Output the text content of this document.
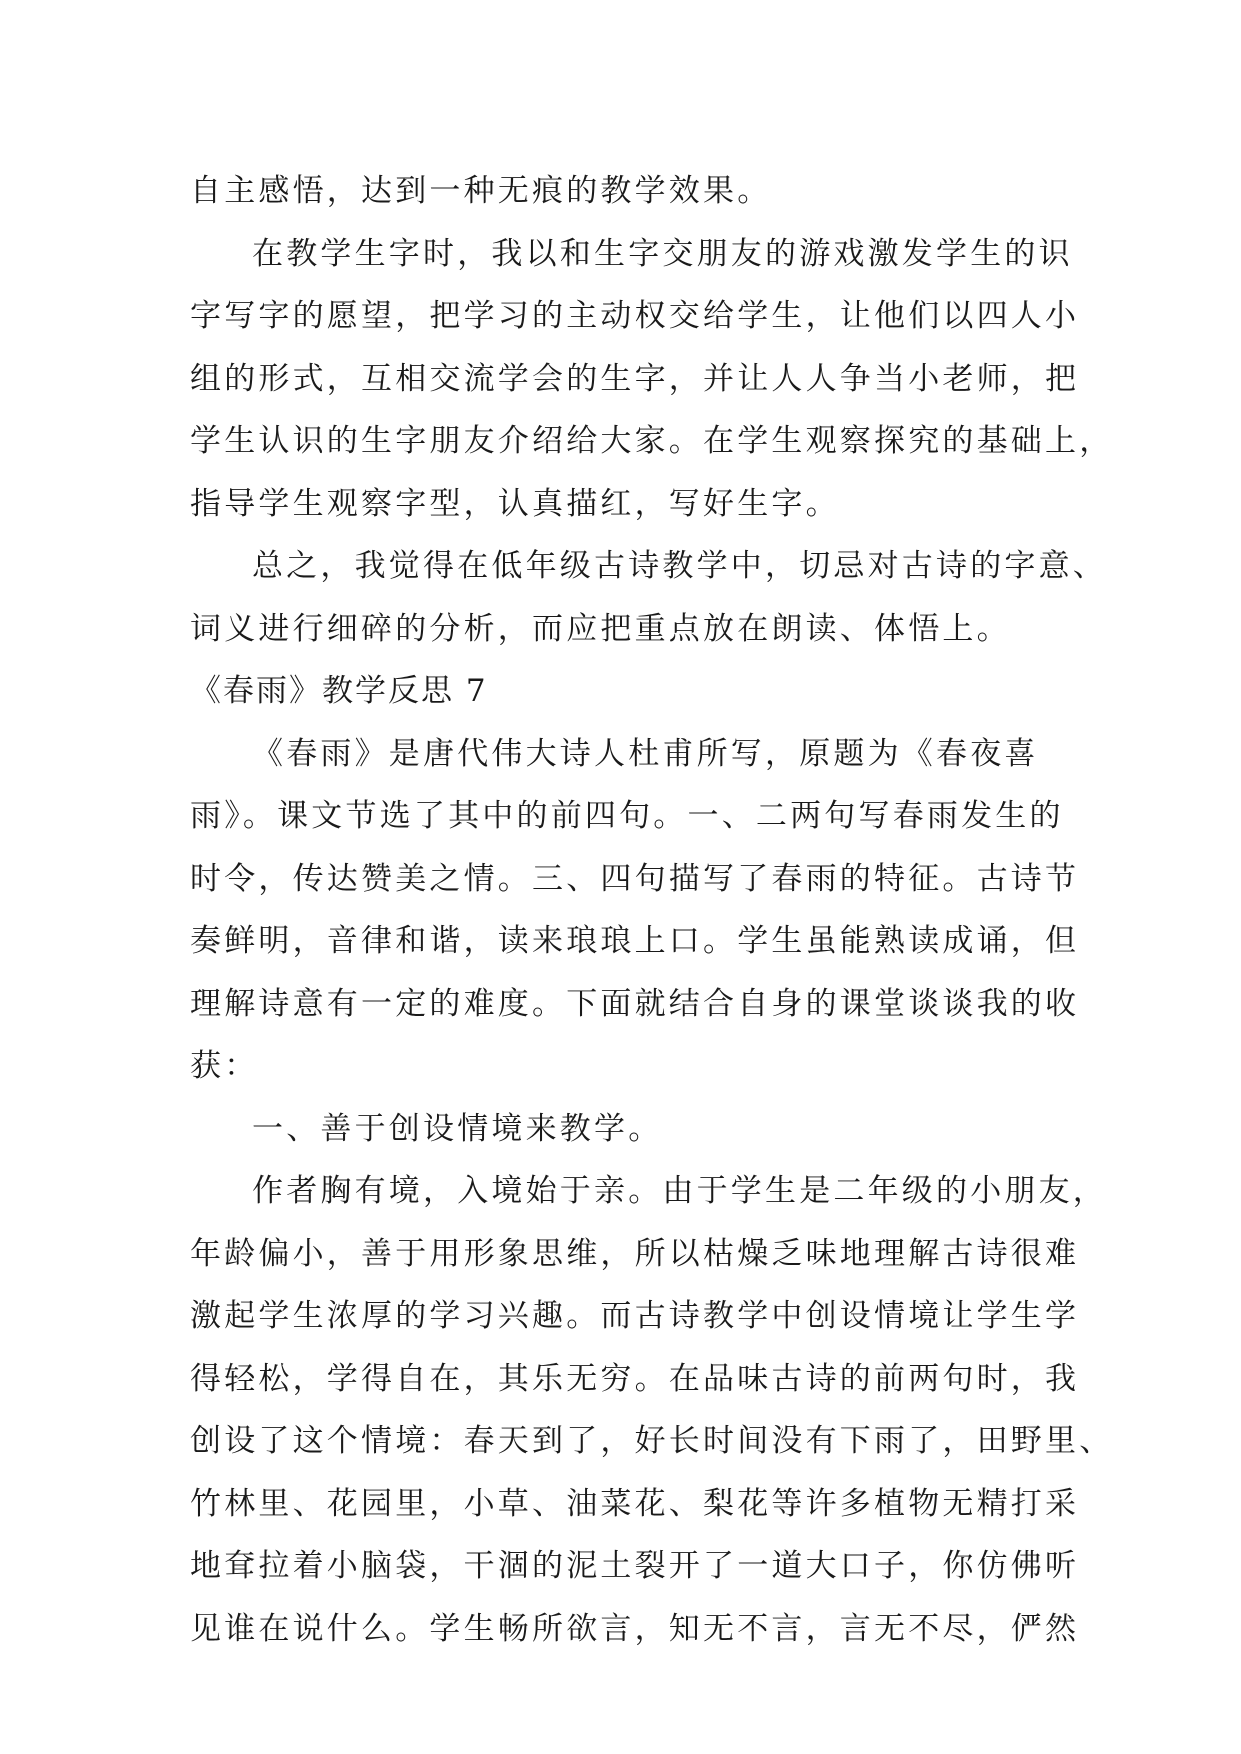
自主感悟，达到一种无痕的教学效果。
在教学生字时，我以和生字交朋友的游戏激发学生的识
字写字的愿望，把学习的主动权交给学生，让他们以四人小
组的形式，互相交流学会的生字，并让人人争当小老师，把
学生认识的生字朋友介绍给大家。在学生观察探究的基础上，
指导学生观察字型，认真描红，写好生字。
总之，我觉得在低年级古诗教学中，切忌对古诗的字意、
词义进行细碎的分析，而应把重点放在朗读、体悟上。
《春雨》教学反思 7
《春雨》是唐代伟大诗人杜甫所写，原题为《春夜喜
雨》。课文节选了其中的前四句。一、二两句写春雨发生的
时令，传达赞美之情。三、四句描写了春雨的特征。古诗节
奏鲜明，音律和谐，读来琅琅上口。学生虽能熟读成诵，但
理解诗意有一定的难度。下面就结合自身的课堂谈谈我的收
获：
一、善于创设情境来教学。
作者胸有境，入境始于亲。由于学生是二年级的小朋友，
年龄偏小，善于用形象思维，所以枯燥乏味地理解古诗很难
激起学生浓厚的学习兴趣。而古诗教学中创设情境让学生学
得轻松，学得自在，其乐无穷。在品味古诗的前两句时，我
创设了这个情境：春天到了，好长时间没有下雨了，田野里、
竹林里、花园里，小草、油菜花、梨花等许多植物无精打采
地耷拉着小脑袋，干涸的泥土裂开了一道大口子，你仿佛听
见谁在说什么。学生畅所欲言，知无不言，言无不尽，俨然
